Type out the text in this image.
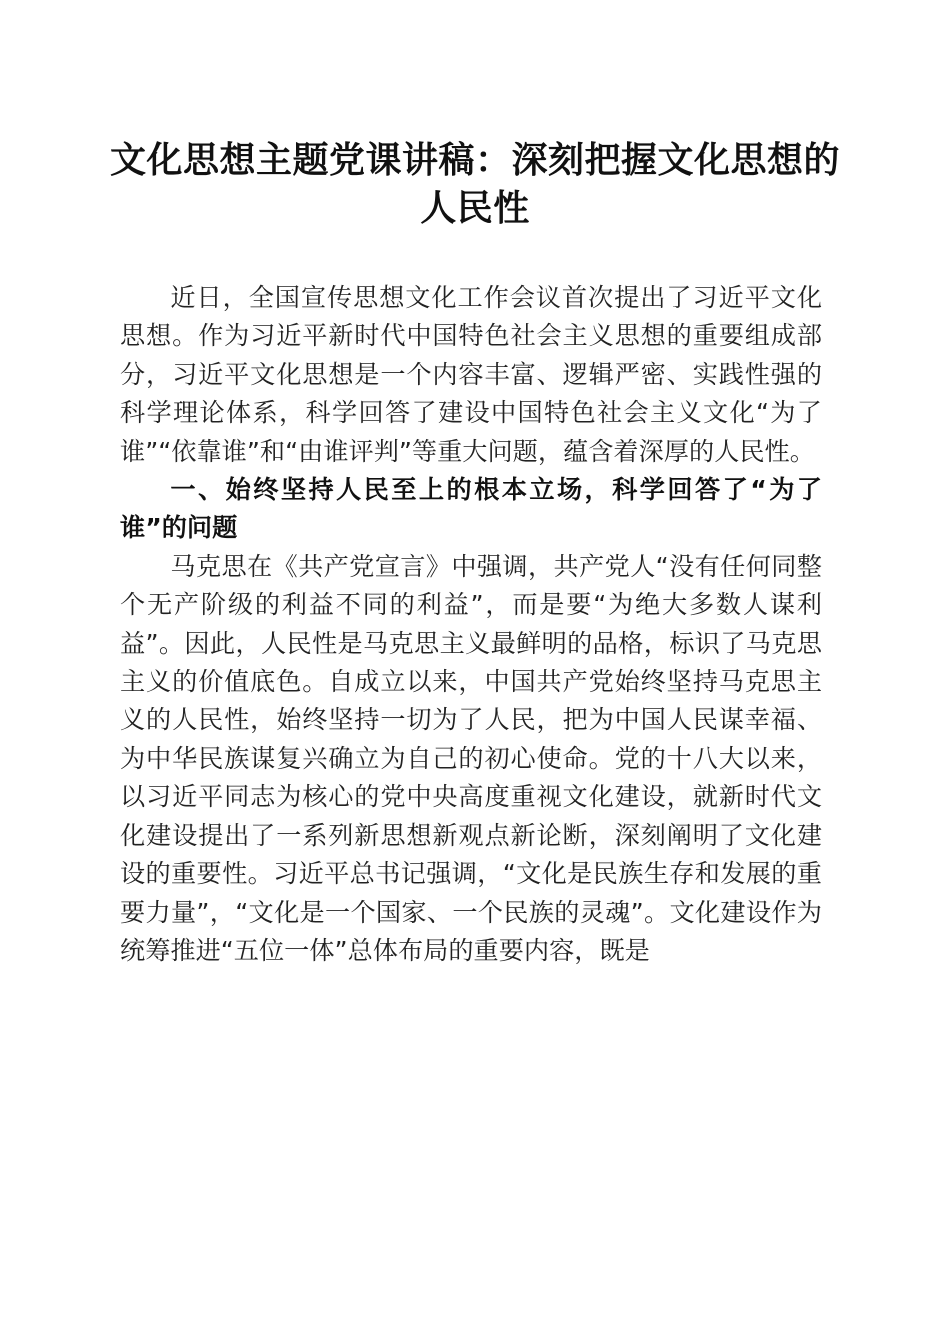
文化思想主题党课讲稿：深刻把握文化思想的人民性

近日，全国宣传思想文化工作会议首次提出了习近平文化思想。作为习近平新时代中国特色社会主义思想的重要组成部分，习近平文化思想是一个内容丰富、逻辑严密、实践性强的科学理论体系，科学回答了建设中国特色社会主义文化“为了谁”“依靠谁”和“由谁评判”等重大问题，蕴含着深厚的人民性。

一、始终坚持人民至上的根本立场，科学回答了“为了谁”的问题

马克思在《共产党宣言》中强调，共产党人“没有任何同整个无产阶级的利益不同的利益”，而是要“为绝大多数人谋利益”。因此，人民性是马克思主义最鲜明的品格，标识了马克思主义的价值底色。自成立以来，中国共产党始终坚持马克思主义的人民性，始终坚持一切为了人民，把为中国人民谋幸福、为中华民族谋复兴确立为自己的初心使命。党的十八大以来，以习近平同志为核心的党中央高度重视文化建设，就新时代文化建设提出了一系列新思想新观点新论断，深刻阐明了文化建设的重要性。习近平总书记强调，“文化是民族生存和发展的重要力量”，“文化是一个国家、一个民族的灵魂”。文化建设作为统筹推进“五位一体”总体布局的重要内容，既是
